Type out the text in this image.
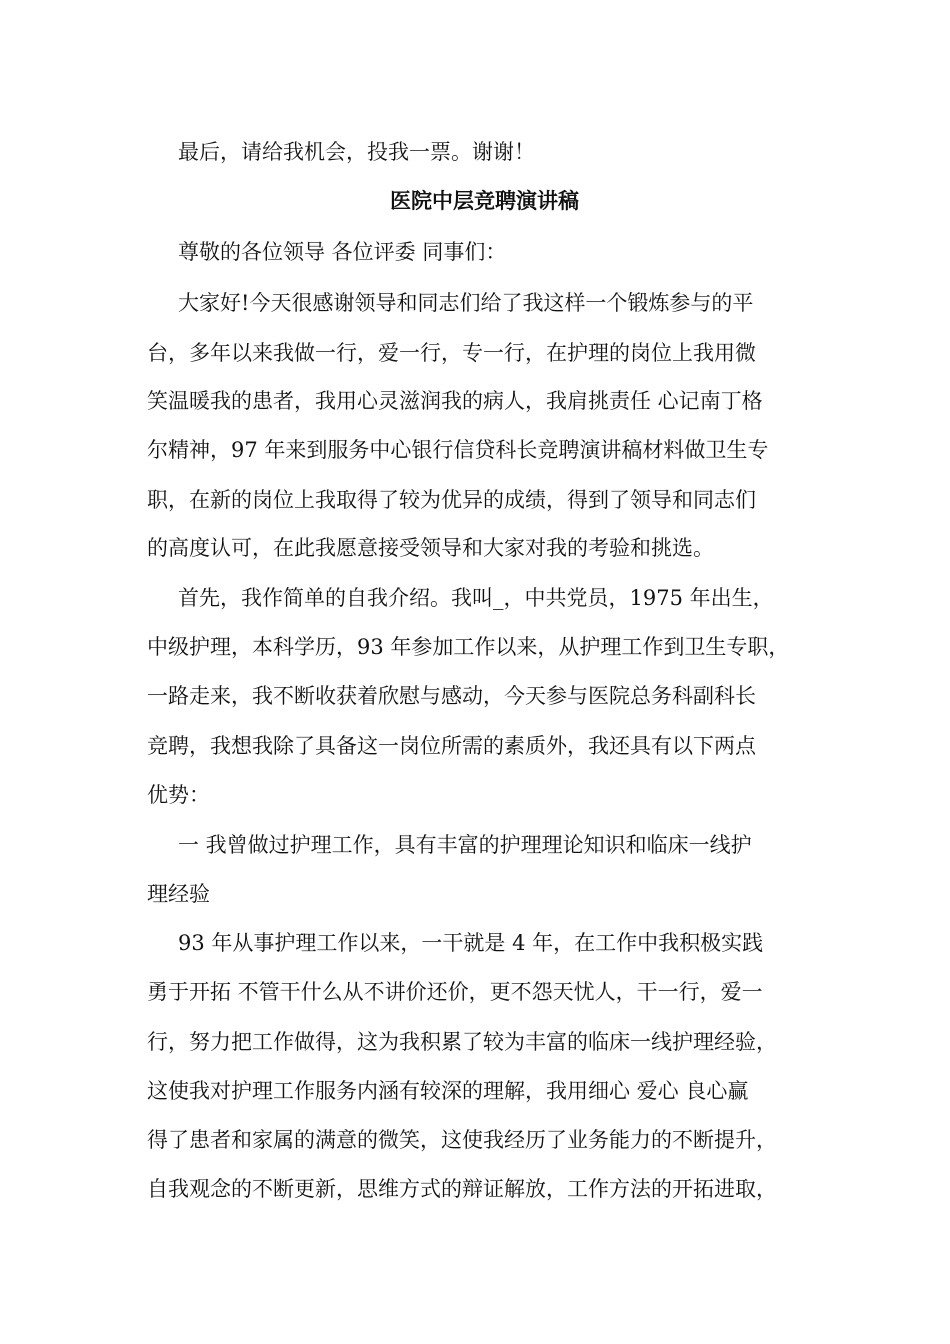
最后，请给我机会，投我一票。谢谢！
医院中层竞聘演讲稿
尊敬的各位领导 各位评委 同事们：
大家好!今天很感谢领导和同志们给了我这样一个锻炼参与的平
台，多年以来我做一行，爱一行，专一行，在护理的岗位上我用微
笑温暖我的患者，我用心灵滋润我的病人，我肩挑责任 心记南丁格
尔精神，97 年来到服务中心银行信贷科长竞聘演讲稿材料做卫生专
职，在新的岗位上我取得了较为优异的成绩，得到了领导和同志们
的高度认可，在此我愿意接受领导和大家对我的考验和挑选。
首先，我作简单的自我介绍。我叫_，中共党员，1975 年出生，
中级护理，本科学历，93 年参加工作以来，从护理工作到卫生专职，
一路走来，我不断收获着欣慰与感动，今天参与医院总务科副科长
竞聘，我想我除了具备这一岗位所需的素质外，我还具有以下两点
优势：
一 我曾做过护理工作，具有丰富的护理理论知识和临床一线护
理经验
93 年从事护理工作以来，一干就是 4 年，在工作中我积极实践
勇于开拓 不管干什么从不讲价还价，更不怨天忧人，干一行，爱一
行，努力把工作做得，这为我积累了较为丰富的临床一线护理经验，
这使我对护理工作服务内涵有较深的理解，我用细心 爱心 良心赢
得了患者和家属的满意的微笑，这使我经历了业务能力的不断提升，
自我观念的不断更新，思维方式的辩证解放，工作方法的开拓进取，
